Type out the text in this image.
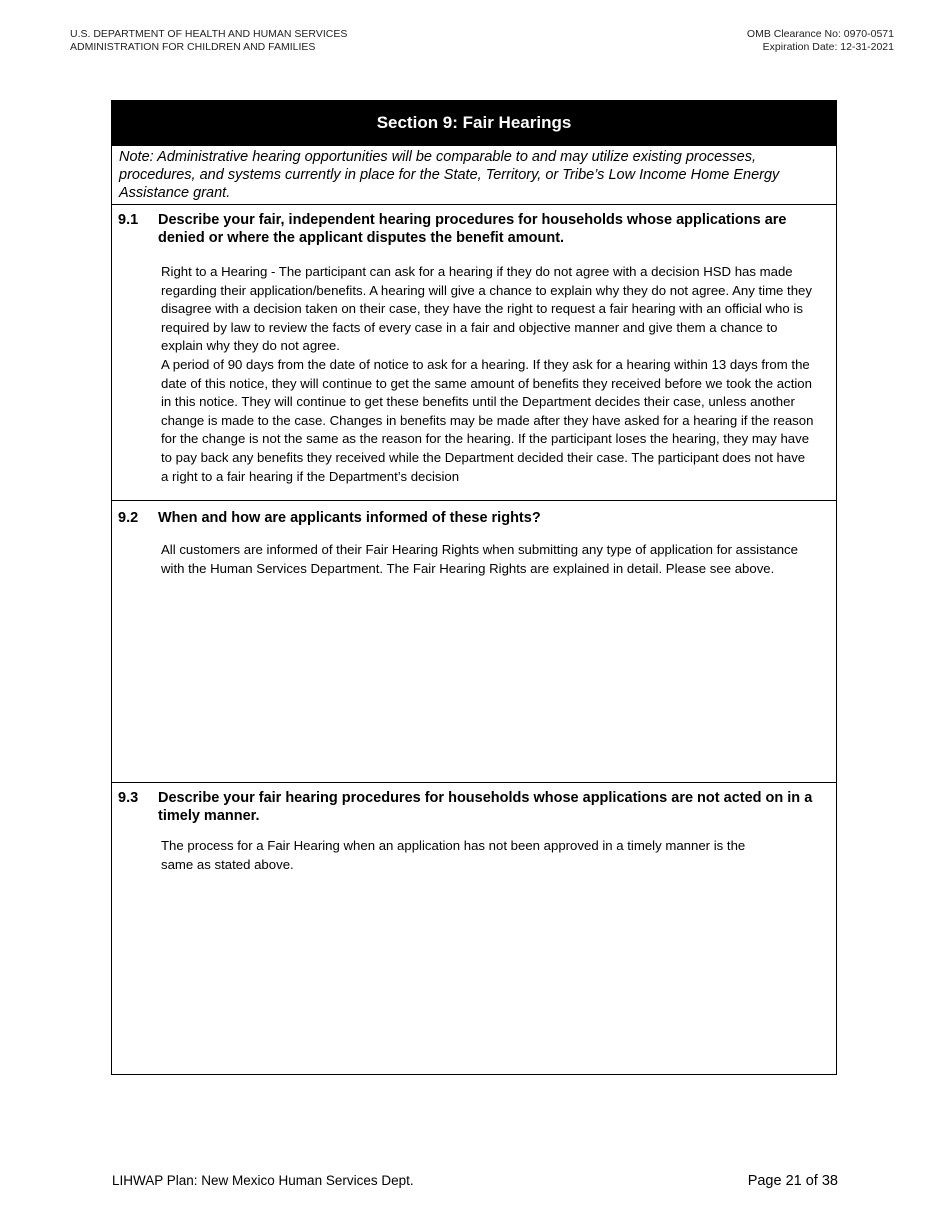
U.S. DEPARTMENT OF HEALTH AND HUMAN SERVICES
ADMINISTRATION FOR CHILDREN AND FAMILIES
OMB Clearance No: 0970-0571
Expiration Date: 12-31-2021
Section 9: Fair Hearings
Note: Administrative hearing opportunities will be comparable to and may utilize existing processes, procedures, and systems currently in place for the State, Territory, or Tribe’s Low Income Home Energy Assistance grant.
9.1	Describe your fair, independent hearing procedures for households whose applications are denied or where the applicant disputes the benefit amount.

Right to a Hearing - The participant can ask for a hearing if they do not agree with a decision HSD has made regarding their application/benefits. A hearing will give a chance to explain why they do not agree. Any time they disagree with a decision taken on their case, they have the right to request a fair hearing with an official who is required by law to review the facts of every case in a fair and objective manner and give them a chance to explain why they do not agree.

A period of 90 days from the date of notice to ask for a hearing. If they ask for a hearing within 13 days from the date of this notice, they will continue to get the same amount of benefits they received before we took the action in this notice. They will continue to get these benefits until the Department decides their case, unless another change is made to the case. Changes in benefits may be made after they have asked for a hearing if the reason for the change is not the same as the reason for the hearing. If the participant loses the hearing, they may have to pay back any benefits they received while the Department decided their case. The participant does not have a right to a fair hearing if the Department’s decision

9.2	When and how are applicants informed of these rights?
All customers are informed of their Fair Hearing Rights when submitting any type of application for assistance with the Human Services Department. The Fair Hearing Rights are explained in detail. Please see above.
9.3	Describe your fair hearing procedures for households whose applications are not acted on in a timely manner.
The process for a Fair Hearing when an application has not been approved in a timely manner is the same as stated above.
LIHWAP Plan: New Mexico Human Services Dept.	Page 21 of 38
